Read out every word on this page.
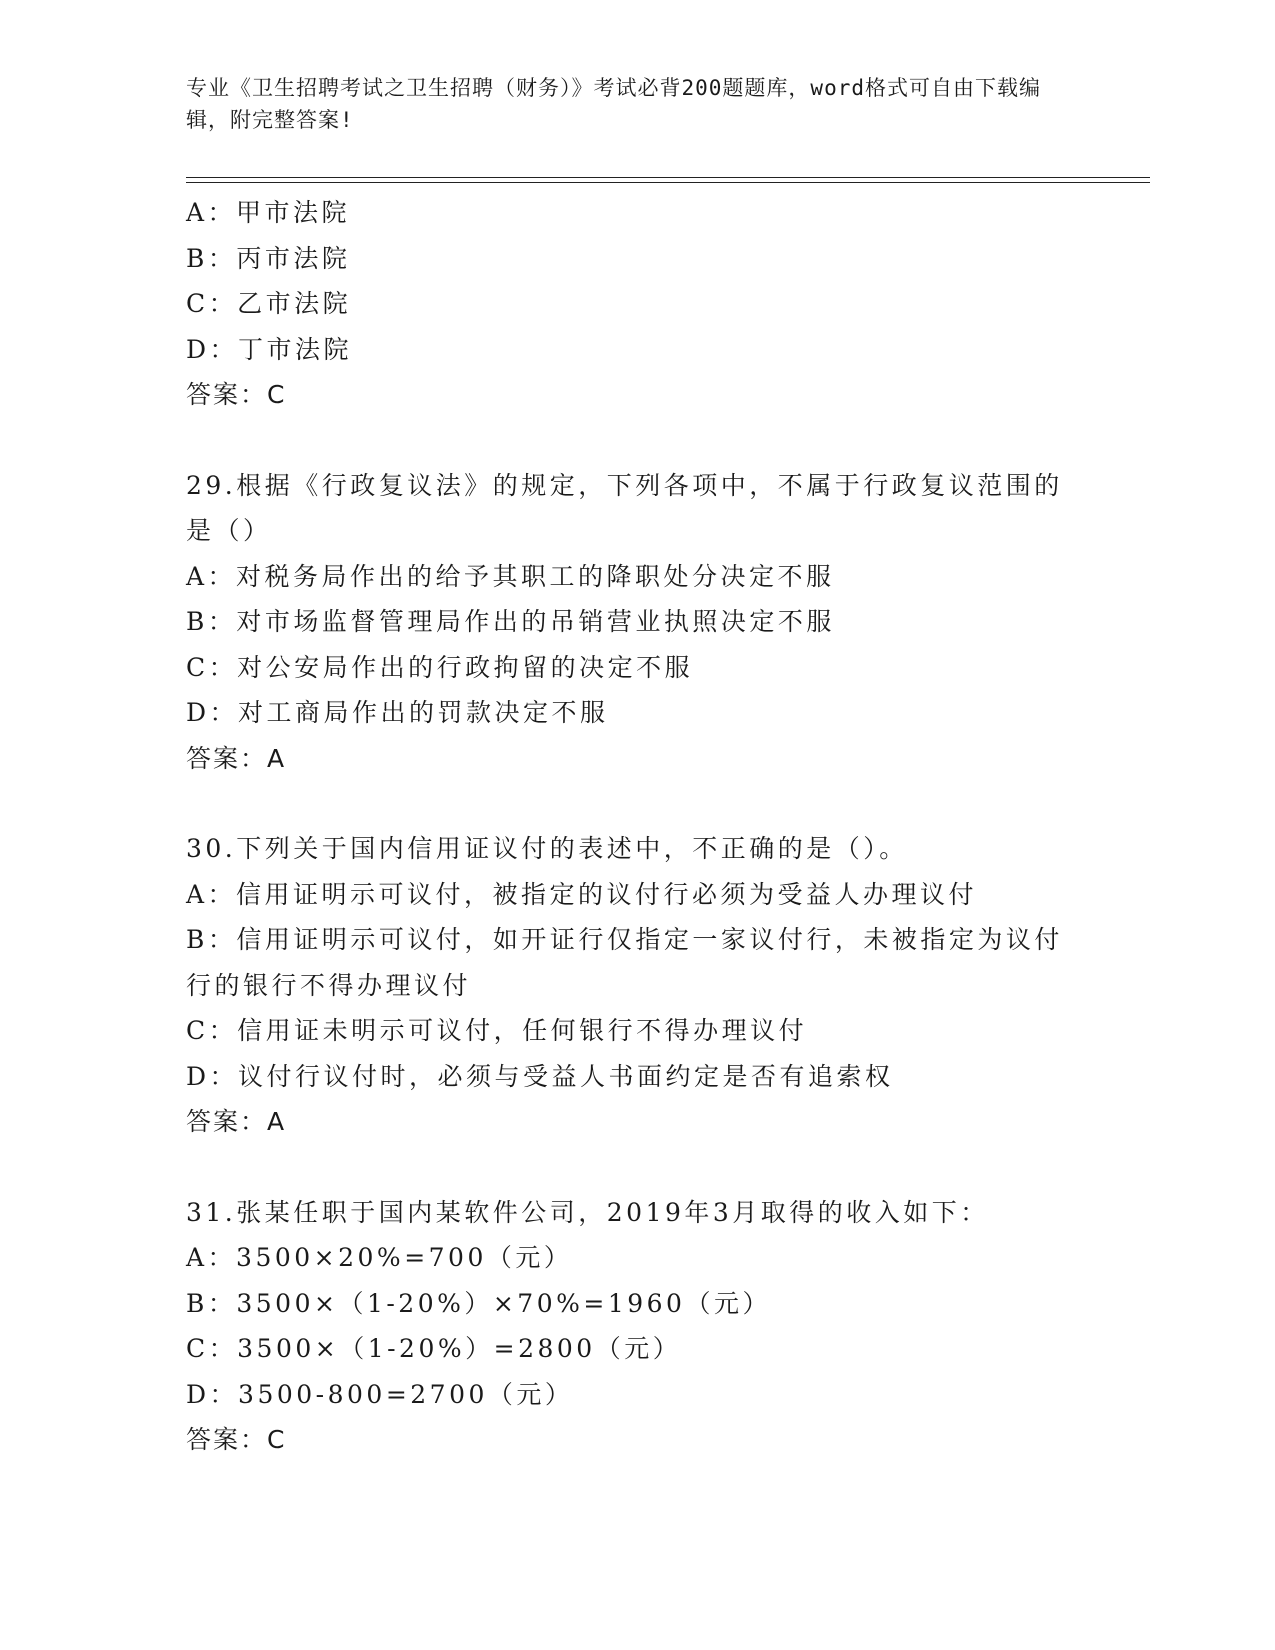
专业《卫生招聘考试之卫生招聘（财务）》考试必背200题题库，word格式可自由下载编辑，附完整答案!

A：甲市法院

B：丙市法院

C：乙市法院

D：丁市法院

答案：C

29.根据《行政复议法》的规定，下列各项中，不属于行政复议范围的是（）

A：对税务局作出的给予其职工的降职处分决定不服

B：对市场监督管理局作出的吊销营业执照决定不服

C：对公安局作出的行政拘留的决定不服

D：对工商局作出的罚款决定不服

答案：A

30.下列关于国内信用证议付的表述中，不正确的是（）。

A：信用证明示可议付，被指定的议付行必须为受益人办理议付

B：信用证明示可议付，如开证行仅指定一家议付行，未被指定为议付行的银行不得办理议付

C：信用证未明示可议付，任何银行不得办理议付

D：议付行议付时，必须与受益人书面约定是否有追索权

答案：A

31.张某任职于国内某软件公司，2019年3月取得的收入如下：

A：3500×20%=700（元）

B：3500×（1-20%）×70%=1960（元）

C：3500×（1-20%）=2800（元）

D：3500-800=2700（元）

答案：C
